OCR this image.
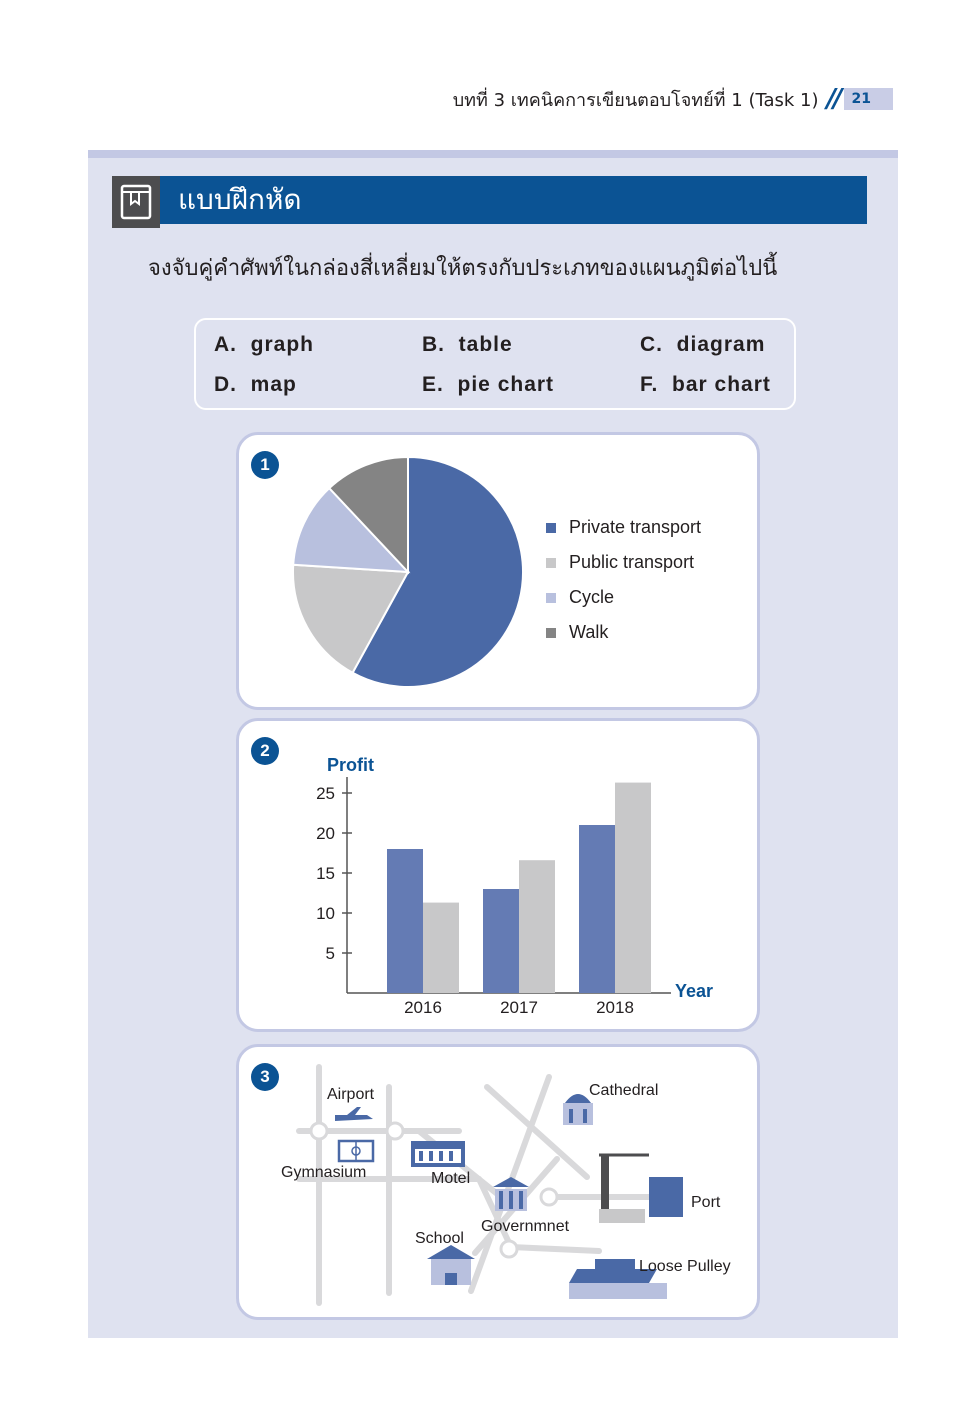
บทที่ 3 เทคนิคการเขียนตอบโจทย์ที่ 1 (Task 1) // 21
แบบฝึกหัด
จงจับคู่คำศัพท์ในกล่องสี่เหลี่ยมให้ตรงกับประเภทของแผนภูมิต่อไปนี้
A. graph	B. table	C. diagram
D. map	E. pie chart	F. bar chart
1
Private transport
Public transport
Cycle
Walk
2
Profit
Year
5
10
15
20
25
2016	2017	2018
3
Airport	Cathedral
Gymnasium	Motel
Port
Governmnet
School
Loose Pulley
